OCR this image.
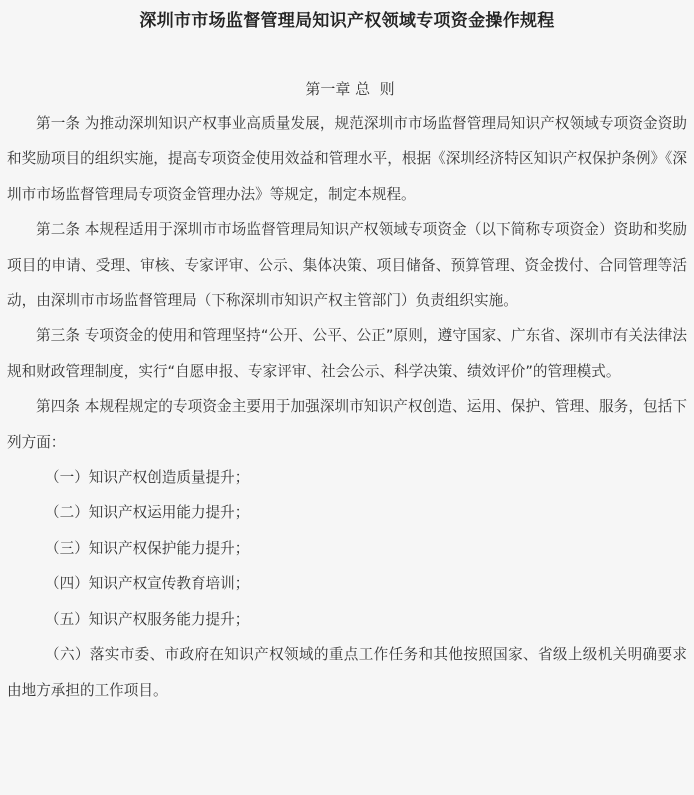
深圳市市场监督管理局知识产权领域专项资金操作规程
第一章 总  则

第一条 为推动深圳知识产权事业高质量发展，规范深圳市市场监督管理局知识产权领域专项资金资助和奖励项目的组织实施，提高专项资金使用效益和管理水平，根据《深圳经济特区知识产权保护条例》《深圳市市场监督管理局专项资金管理办法》等规定，制定本规程。

第二条 本规程适用于深圳市市场监督管理局知识产权领域专项资金（以下简称专项资金）资助和奖励项目的申请、受理、审核、专家评审、公示、集体决策、项目储备、预算管理、资金拨付、合同管理等活动，由深圳市市场监督管理局（下称深圳市知识产权主管部门）负责组织实施。

第三条 专项资金的使用和管理坚持“公开、公平、公正”原则，遵守国家、广东省、深圳市有关法律法规和财政管理制度，实行“自愿申报、专家评审、社会公示、科学决策、绩效评价”的管理模式。

第四条 本规程规定的专项资金主要用于加强深圳市知识产权创造、运用、保护、管理、服务，包括下列方面：

（一）知识产权创造质量提升；

（二）知识产权运用能力提升；

（三）知识产权保护能力提升；

（四）知识产权宣传教育培训；

（五）知识产权服务能力提升；

（六）落实市委、市政府在知识产权领域的重点工作任务和其他按照国家、省级上级机关明确要求由地方承担的工作项目。
